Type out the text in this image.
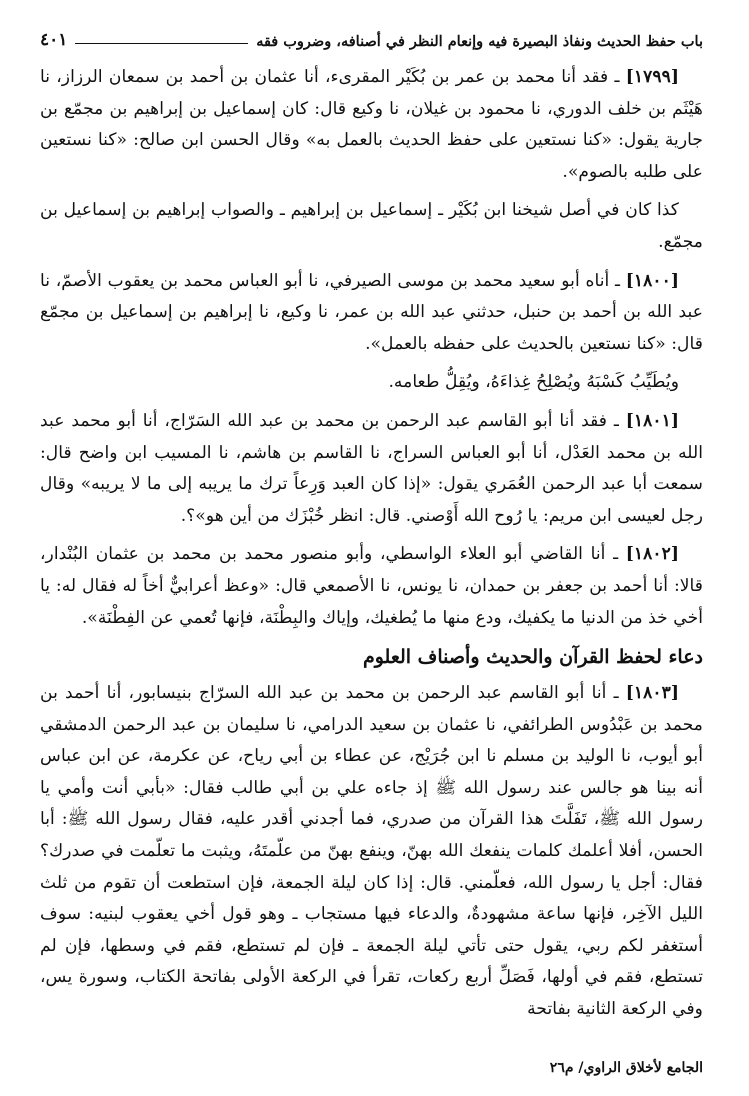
باب حفظ الحديث ونفاذ البصيرة فيه وإنعام النظر في أصنافه، وضروب فقه
٤٠١

[١٧٩٩] ـ فقد أنا محمد بن عمر بن بُكَيْر المقرىء، أنا عثمان بن أحمد بن سمعان الرزاز، نا هَيْثَم بن خلف الدوري، نا محمود بن غيلان، نا وكيع قال: كان إسماعيل بن إبراهيم بن مجمّع بن جارية يقول: «كنا نستعين على حفظ الحديث بالعمل به» وقال الحسن ابن صالح: «كنا نستعين على طلبه بالصوم».

كذا كان في أصل شيخنا ابن بُكَيْر ـ إسماعيل بن إبراهيم ـ والصواب إبراهيم بن إسماعيل بن مجمّع.

[١٨٠٠] ـ أناه أبو سعيد محمد بن موسى الصيرفي، نا أبو العباس محمد بن يعقوب الأصمّ، نا عبد الله بن أحمد بن حنبل، حدثني عبد الله بن عمر، نا وكيع، نا إبراهيم بن إسماعيل بن مجمّع قال: «كنا نستعين بالحديث على حفظه بالعمل».

ويُطَيِّبُ كَسْبَهُ ويُصْلِحُ غِذاءَهُ، ويُقِلُّ طعامه.

[١٨٠١] ـ فقد أنا أبو القاسم عبد الرحمن بن محمد بن عبد الله السَرّاج، أنا أبو محمد عبد الله بن محمد العَدْل، أنا أبو العباس السراج، نا القاسم بن هاشم، نا المسيب ابن واضح قال: سمعت أبا عبد الرحمن العُمَري يقول: «إذا كان العبد وَرِعاً ترك ما يريبه إلى ما لا يريبه» وقال رجل لعيسى ابن مريم: يا رُوح الله أَوْصني. قال: انظر خُبْزَك من أين هو»؟.

[١٨٠٢] ـ أنا القاضي أبو العلاء الواسطي، وأبو منصور محمد بن محمد بن عثمان البُنْدار، قالا: أنا أحمد بن جعفر بن حمدان، نا يونس، نا الأصمعي قال: «وعظ أعرابيٌّ أخاً له فقال له: يا أخي خذ من الدنيا ما يكفيك، ودع منها ما يُطغيك، وإياك والبِطْنَة، فإنها تُعمي عن الفِطْنَة».

دعاء لحفظ القرآن والحديث وأصناف العلوم

[١٨٠٣] ـ أنا أبو القاسم عبد الرحمن بن محمد بن عبد الله السرّاج بنيسابور، أنا أحمد بن محمد بن عَبْدُوس الطرائفي، نا عثمان بن سعيد الدرامي، نا سليمان بن عبد الرحمن الدمشقي أبو أيوب، نا الوليد بن مسلم نا ابن جُرَيْج، عن عطاء بن أبي رياح، عن عكرمة، عن ابن عباس أنه بينا هو جالس عند رسول الله ﷺ إذ جاءه علي بن أبي طالب فقال: «بأبي أنت وأمي يا رسول الله ﷺ، تَفَلَّتَ هذا القرآن من صدري، فما أجدني أقدر عليه، فقال رسول الله ﷺ: أبا الحسن، أفلا أعلمك كلمات ينفعك الله بهنّ، وينفع بهنّ من علّمتَهُ، ويثبت ما تعلّمت في صدرك؟ فقال: أجل يا رسول الله، فعلّمني. قال: إذا كان ليلة الجمعة، فإن استطعت أن تقوم من ثلث الليل الآخِر، فإنها ساعة مشهودةٌ، والدعاء فيها مستجاب ـ وهو قول أخي يعقوب لبنيه: سوف أستغفر لكم ربي، يقول حتى تأتي ليلة الجمعة ـ فإن لم تستطع، فقم في وسطها، فإن لم تستطع، فقم في أولها، فَصَلِّ أربع ركعات، تقرأ في الركعة الأولى بفاتحة الكتاب، وسورة يس، وفي الركعة الثانية بفاتحة

الجامع لأخلاق الراوي/ م٢٦
